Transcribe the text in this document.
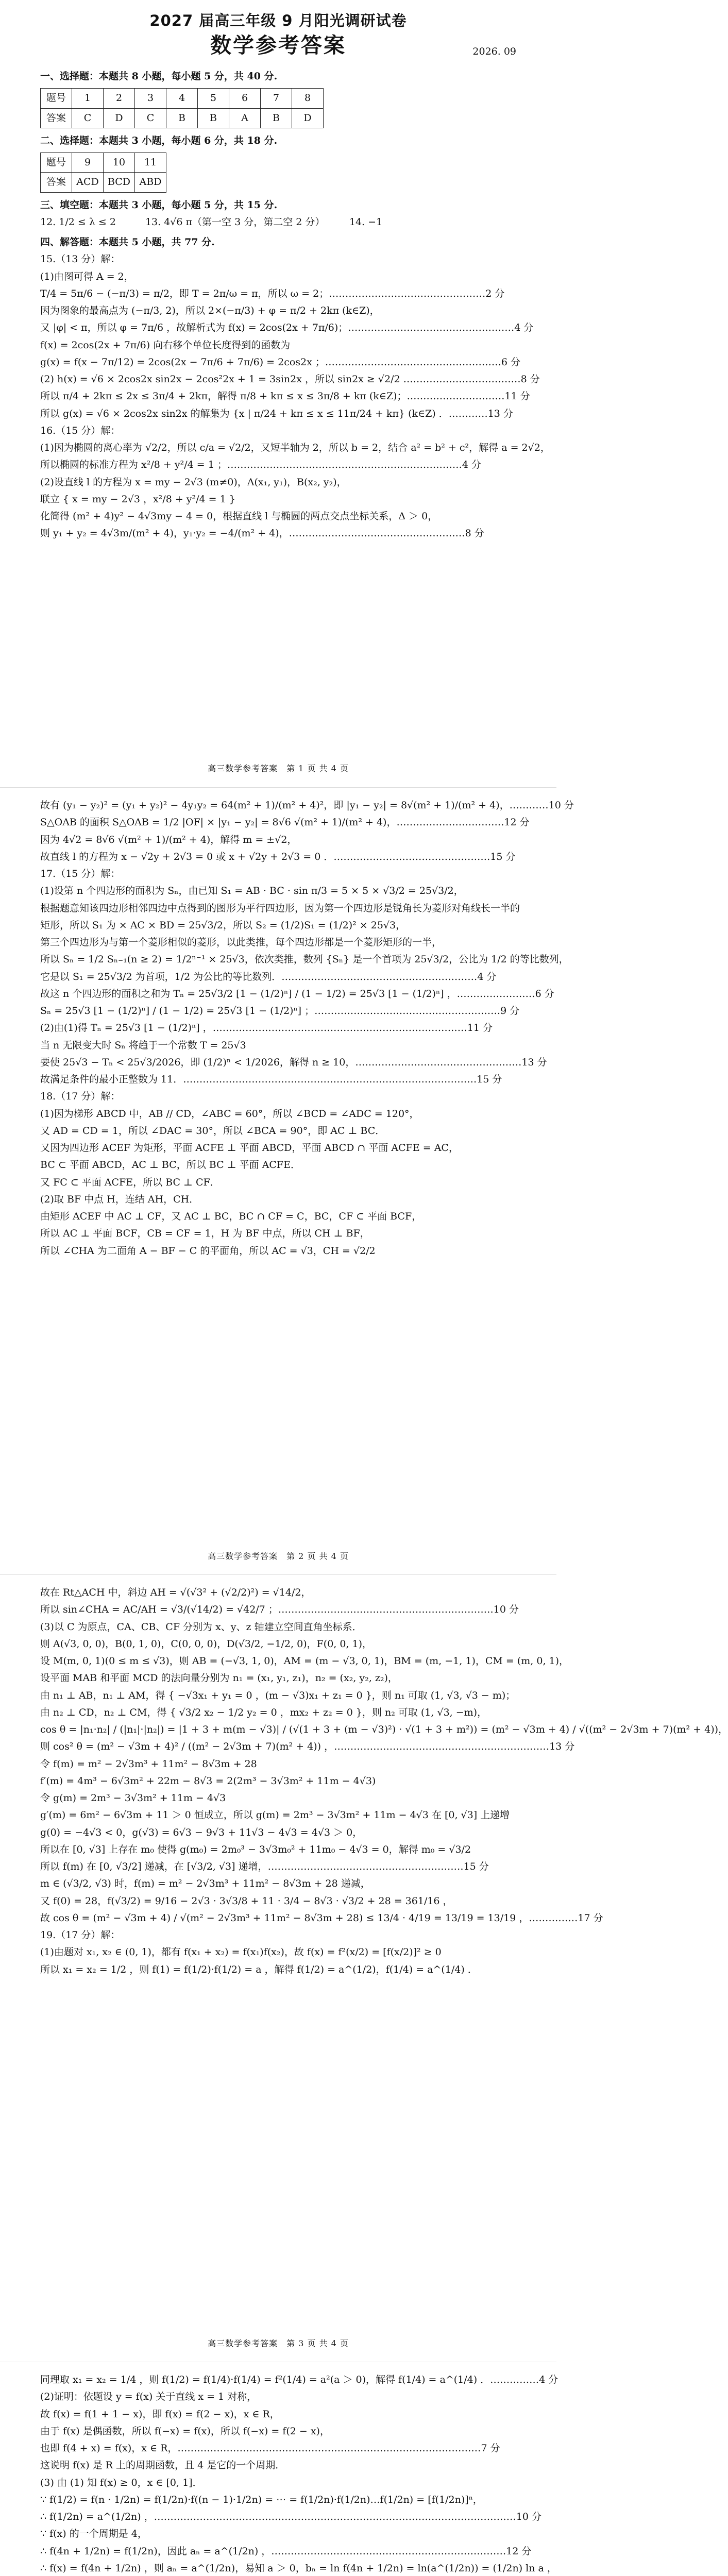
2027 届高三年级 9 月阳光调研试卷
数学参考答案	2026. 09
一、选择题：本题共 8 小题，每小题 5 分，共 40 分.
题号	1	2	3	4	5	6	7	8
答案	C	D	C	B	B	A	B	D
二、选择题：本题共 3 小题，每小题 6 分，共 18 分.
题号	9	10	11
答案	ACD	BCD	ABD
三、填空题：本题共 3 小题，每小题 5 分，共 15 分.
12. 1/2 ≤ λ ≤ 2　　　13. 4√6 π（第一空 3 分，第二空 2 分）　　　14. −1
四、解答题：本题共 5 小题，共 77 分.
15.（13 分）解：
(1)由图可得 A = 2，
T/4 = 5π/6 − (−π/3) = π/2，即 T = 2π/ω = π，所以 ω = 2；…………………………………………2 分
因为图象的最高点为 (−π/3, 2)，所以 2×(−π/3) + φ = π/2 + 2kπ (k∈Z)，
又 |φ| < π，所以 φ = 7π/6 ，故解析式为 f(x) = 2cos(2x + 7π/6)；……………………………………………4 分
f(x) = 2cos(2x + 7π/6) 向右移个单位长度得到的函数为
g(x) = f(x − 7π/12) = 2cos(2x − 7π/6 + 7π/6) = 2cos2x ；………………………………………………6 分
(2) h(x) = √6 × 2cos2x sin2x − 2cos²2x + 1 = 3sin2x ，所以 sin2x ≥ √2/2 ………………………………8 分
所以 π/4 + 2kπ ≤ 2x ≤ 3π/4 + 2kπ，解得 π/8 + kπ ≤ x ≤ 3π/8 + kπ (k∈Z)；…………………………11 分
所以 g(x) = √6 × 2cos2x sin2x 的解集为 {x | π/24 + kπ ≤ x ≤ 11π/24 + kπ} (k∈Z) ．…………13 分
16.（15 分）解：
(1)因为椭圆的离心率为 √2/2，所以 c/a = √2/2，又短半轴为 2，所以 b = 2，结合 a² = b² + c²，解得 a = 2√2，
所以椭圆的标准方程为 x²/8 + y²/4 = 1 ；………………………………………………………………4 分
(2)设直线 l 的方程为 x = my − 2√3 (m≠0)，A(x₁, y₁)，B(x₂, y₂)，
联立 { x = my − 2√3 ，x²/8 + y²/4 = 1 }
化简得 (m² + 4)y² − 4√3my − 4 = 0，根据直线 l 与椭圆的两点交点坐标关系，Δ ＞ 0，
则 y₁ + y₂ = 4√3m/(m² + 4)，y₁·y₂ = −4/(m² + 4)，………………………………………………8 分
高三数学参考答案　第 1 页 共 4 页
故有 (y₁ − y₂)² = (y₁ + y₂)² − 4y₁y₂ = 64(m² + 1)/(m² + 4)²，即 |y₁ − y₂| = 8√(m² + 1)/(m² + 4)，…………10 分
S△OAB 的面积 S△OAB = 1/2 |OF| × |y₁ − y₂| = 8√6 √(m² + 1)/(m² + 4)，……………………………12 分
因为 4√2 = 8√6 √(m² + 1)/(m² + 4)，解得 m = ±√2，
故直线 l 的方程为 x − √2y + 2√3 = 0 或 x + √2y + 2√3 = 0 ．…………………………………………15 分
17.（15 分）解：
(1)设第 n 个四边形的面积为 Sₙ，由已知 S₁ = AB · BC · sin π/3 = 5 × 5 × √3/2 = 25√3/2，
根据题意知该四边形相邻四边中点得到的图形为平行四边形，因为第一个四边形是锐角长为菱形对角线长一半的
矩形，所以 S₁ 为 × AC × BD = 25√3/2，所以 S₂ = (1/2)S₁ = (1/2)² × 25√3，
第三个四边形为与第一个菱形相似的菱形，以此类推，每个四边形都是一个菱形矩形的一半，
所以 Sₙ = 1/2 Sₙ₋₁(n ≥ 2) = 1/2ⁿ⁻¹ × 25√3，依次类推，数列 {Sₙ} 是一个首项为 25√3/2，公比为 1/2 的等比数列，
它是以 S₁ = 25√3/2 为首项，1/2 为公比的等比数列．……………………………………………………4 分
故这 n 个四边形的面积之和为 Tₙ = 25√3/2 [1 − (1/2)ⁿ] / (1 − 1/2) = 25√3 [1 − (1/2)ⁿ] ，……………………6 分
Sₙ = 25√3 [1 − (1/2)ⁿ] / (1 − 1/2) = 25√3 [1 − (1/2)ⁿ] ；…………………………………………………9 分
(2)由(1)得 Tₙ = 25√3 [1 − (1/2)ⁿ] ，……………………………………………………………………11 分
当 n 无限变大时 Sₙ 将趋于一个常数 T = 25√3
要使 25√3 − Tₙ < 25√3/2026，即 (1/2)ⁿ < 1/2026，解得 n ≥ 10，……………………………………………13 分
故满足条件的最小正整数为 11．………………………………………………………………………………15 分
18.（17 分）解：
(1)因为梯形 ABCD 中，AB // CD，∠ABC = 60°，所以 ∠BCD = ∠ADC = 120°，
又 AD = CD = 1，所以 ∠DAC = 30°，所以 ∠BCA = 90°，即 AC ⊥ BC．
又因为四边形 ACEF 为矩形，平面 ACFE ⊥ 平面 ABCD，平面 ABCD ∩ 平面 ACFE = AC，
BC ⊂ 平面 ABCD，AC ⊥ BC，所以 BC ⊥ 平面 ACFE．
又 FC ⊂ 平面 ACFE，所以 BC ⊥ CF．
(2)取 BF 中点 H，连结 AH，CH．
由矩形 ACEF 中 AC ⊥ CF，又 AC ⊥ BC，BC ∩ CF = C，BC，CF ⊂ 平面 BCF，
所以 AC ⊥ 平面 BCF，CB = CF = 1，H 为 BF 中点，所以 CH ⊥ BF，
所以 ∠CHA 为二面角 A − BF − C 的平面角，所以 AC = √3，CH = √2/2
高三数学参考答案　第 2 页 共 4 页
故在 Rt△ACH 中，斜边 AH = √(√3² + (√2/2)²) = √14/2，
所以 sin∠CHA = AC/AH = √3/(√14/2) = √42/7 ；…………………………………………………………10 分
(3)以 C 为原点，CA、CB、CF 分别为 x、y、z 轴建立空间直角坐标系．
则 A(√3, 0, 0)，B(0, 1, 0)，C(0, 0, 0)，D(√3/2, −1/2, 0)，F(0, 0, 1)，
设 M(m, 0, 1)(0 ≤ m ≤ √3)，则 AB = (−√3, 1, 0)，AM = (m − √3, 0, 1)，BM = (m, −1, 1)，CM = (m, 0, 1)，
设平面 MAB 和平面 MCD 的法向量分别为 n₁ = (x₁, y₁, z₁)，n₂ = (x₂, y₂, z₂)，
由 n₁ ⊥ AB，n₁ ⊥ AM，得 { −√3x₁ + y₁ = 0 ，(m − √3)x₁ + z₁ = 0 }，则 n₁ 可取 (1, √3, √3 − m)；
由 n₂ ⊥ CD，n₂ ⊥ CM，得 { √3/2 x₂ − 1/2 y₂ = 0 ，mx₂ + z₂ = 0 }，则 n₂ 可取 (1, √3, −m)，
cos θ = |n₁·n₂| / (|n₁|·|n₂|) = |1 + 3 + m(m − √3)| / (√(1 + 3 + (m − √3)²) · √(1 + 3 + m²)) = (m² − √3m + 4) / √((m² − 2√3m + 7)(m² + 4))，
则 cos² θ = (m² − √3m + 4)² / ((m² − 2√3m + 7)(m² + 4)) ，…………………………………………………………13 分
令 f(m) = m² − 2√3m³ + 11m² − 8√3m + 28
f′(m) = 4m³ − 6√3m² + 22m − 8√3 = 2(2m³ − 3√3m² + 11m − 4√3)
令 g(m) = 2m³ − 3√3m² + 11m − 4√3
g′(m) = 6m² − 6√3m + 11 ＞ 0 恒成立，所以 g(m) = 2m³ − 3√3m² + 11m − 4√3 在 [0, √3] 上递增
g(0) = −4√3 < 0，g(√3) = 6√3 − 9√3 + 11√3 − 4√3 = 4√3 ＞ 0，
所以在 [0, √3] 上存在 m₀ 使得 g(m₀) = 2m₀³ − 3√3m₀² + 11m₀ − 4√3 = 0，解得 m₀ = √3/2
所以 f(m) 在 [0, √3/2] 递减，在 [√3/2, √3] 递增，……………………………………………………15 分
m ∈ (√3/2, √3) 时，f(m) = m² − 2√3m³ + 11m² − 8√3m + 28 递减，
又 f(0) = 28，f(√3/2) = 9/16 − 2√3 · 3√3/8 + 11 · 3/4 − 8√3 · √3/2 + 28 = 361/16 ，
故 cos θ = (m² − √3m + 4) / √(m² − 2√3m³ + 11m² − 8√3m + 28) ≤ 13/4 · 4/19 = 13/19 = 13/19 ，……………17 分
19.（17 分）解：
(1)由题对 x₁, x₂ ∈ (0, 1)，都有 f(x₁ + x₂) = f(x₁)f(x₂)，故 f(x) = f²(x/2) = [f(x/2)]² ≥ 0
所以 x₁ = x₂ = 1/2 ，则 f(1) = f(1/2)·f(1/2) = a ，解得 f(1/2) = a^(1/2)，f(1/4) = a^(1/4) ．
高三数学参考答案　第 3 页 共 4 页
同理取 x₁ = x₂ = 1/4 ，则 f(1/2) = f(1/4)·f(1/4) = f²(1/4) = a²(a ＞ 0)，解得 f(1/4) = a^(1/4) ．……………4 分
(2)证明：依题设 y = f(x) 关于直线 x = 1 对称，
故 f(x) = f(1 + 1 − x)，即 f(x) = f(2 − x)，x ∈ R，
由于 f(x) 是偶函数，所以 f(−x) = f(x)，所以 f(−x) = f(2 − x)，
也即 f(4 + x) = f(x)，x ∈ R，…………………………………………………………………………………7 分
这说明 f(x) 是 R 上的周期函数，且 4 是它的一个周期．
(3) 由 (1) 知 f(x) ≥ 0，x ∈ [0, 1]．
∵ f(1/2) = f(n · 1/2n) = f(1/2n)·f((n − 1)·1/2n) = ⋯ = f(1/2n)·f(1/2n)…f(1/2n) = [f(1/2n)]ⁿ，
∴ f(1/2n) = a^(1/2n) ，…………………………………………………………………………………………………10 分
∵ f(x) 的一个周期是 4，
∴ f(4n + 1/2n) = f(1/2n)，因此 aₙ = a^(1/2n) ，………………………………………………………………12 分
∴ f(x) = f(4n + 1/2n) ，则 aₙ = a^(1/2n)，易知 a ＞ 0，bₙ = ln f(4n + 1/2n) = ln(a^(1/2n)) = (1/2n) ln a ，
